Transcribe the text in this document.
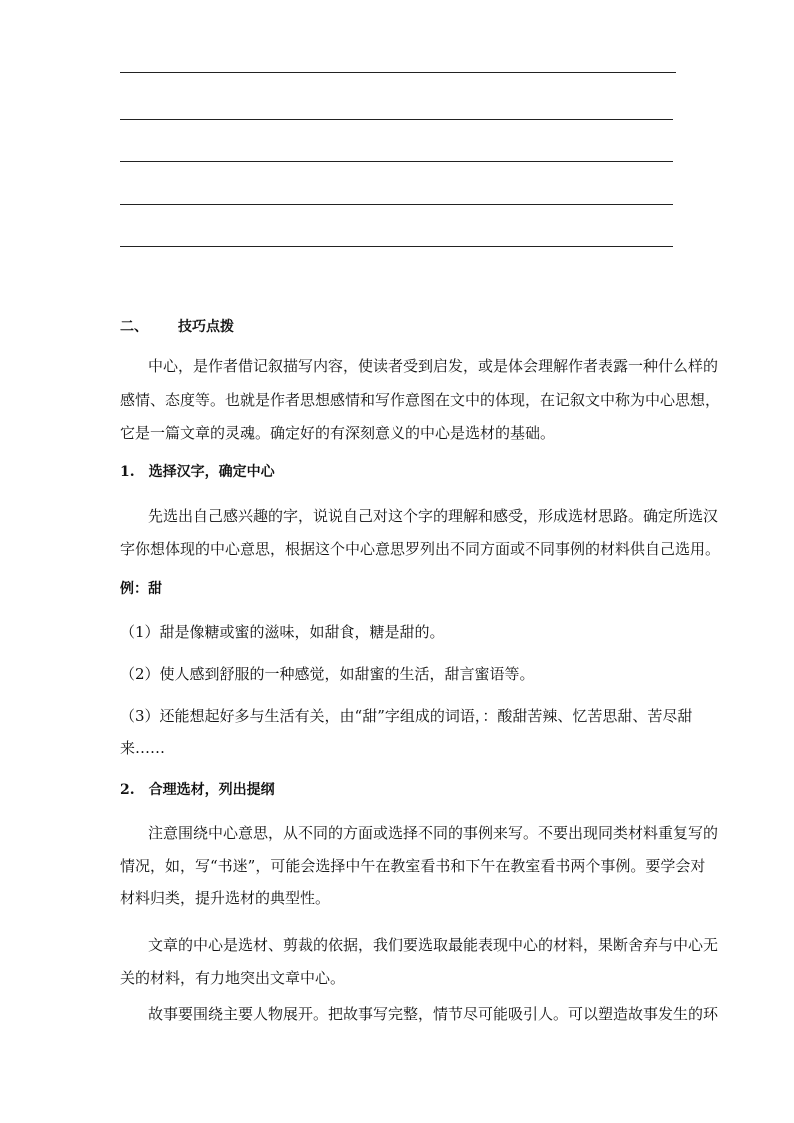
二、 技巧点拨
中心，是作者借记叙描写内容，使读者受到启发，或是体会理解作者表露一种什么样的
感情、态度等。也就是作者思想感情和写作意图在文中的体现，在记叙文中称为中心思想，
它是一篇文章的灵魂。确定好的有深刻意义的中心是选材的基础。
1.　选择汉字，确定中心
先选出自己感兴趣的字，说说自己对这个字的理解和感受，形成选材思路。确定所选汉
字你想体现的中心意思，根据这个中心意思罗列出不同方面或不同事例的材料供自己选用。
例：甜
（1）甜是像糖或蜜的滋味，如甜食，糖是甜的。
（2）使人感到舒服的一种感觉，如甜蜜的生活，甜言蜜语等。
（3）还能想起好多与生活有关，由“甜”字组成的词语，：酸甜苦辣、忆苦思甜、苦尽甜
来……
2.　合理选材，列出提纲
注意围绕中心意思，从不同的方面或选择不同的事例来写。不要出现同类材料重复写的
情况，如，写“书迷”，可能会选择中午在教室看书和下午在教室看书两个事例。要学会对
材料归类，提升选材的典型性。
文章的中心是选材、剪裁的依据，我们要选取最能表现中心的材料，果断舍弃与中心无
关的材料，有力地突出文章中心。
故事要围绕主要人物展开。把故事写完整，情节尽可能吸引人。可以塑造故事发生的环
